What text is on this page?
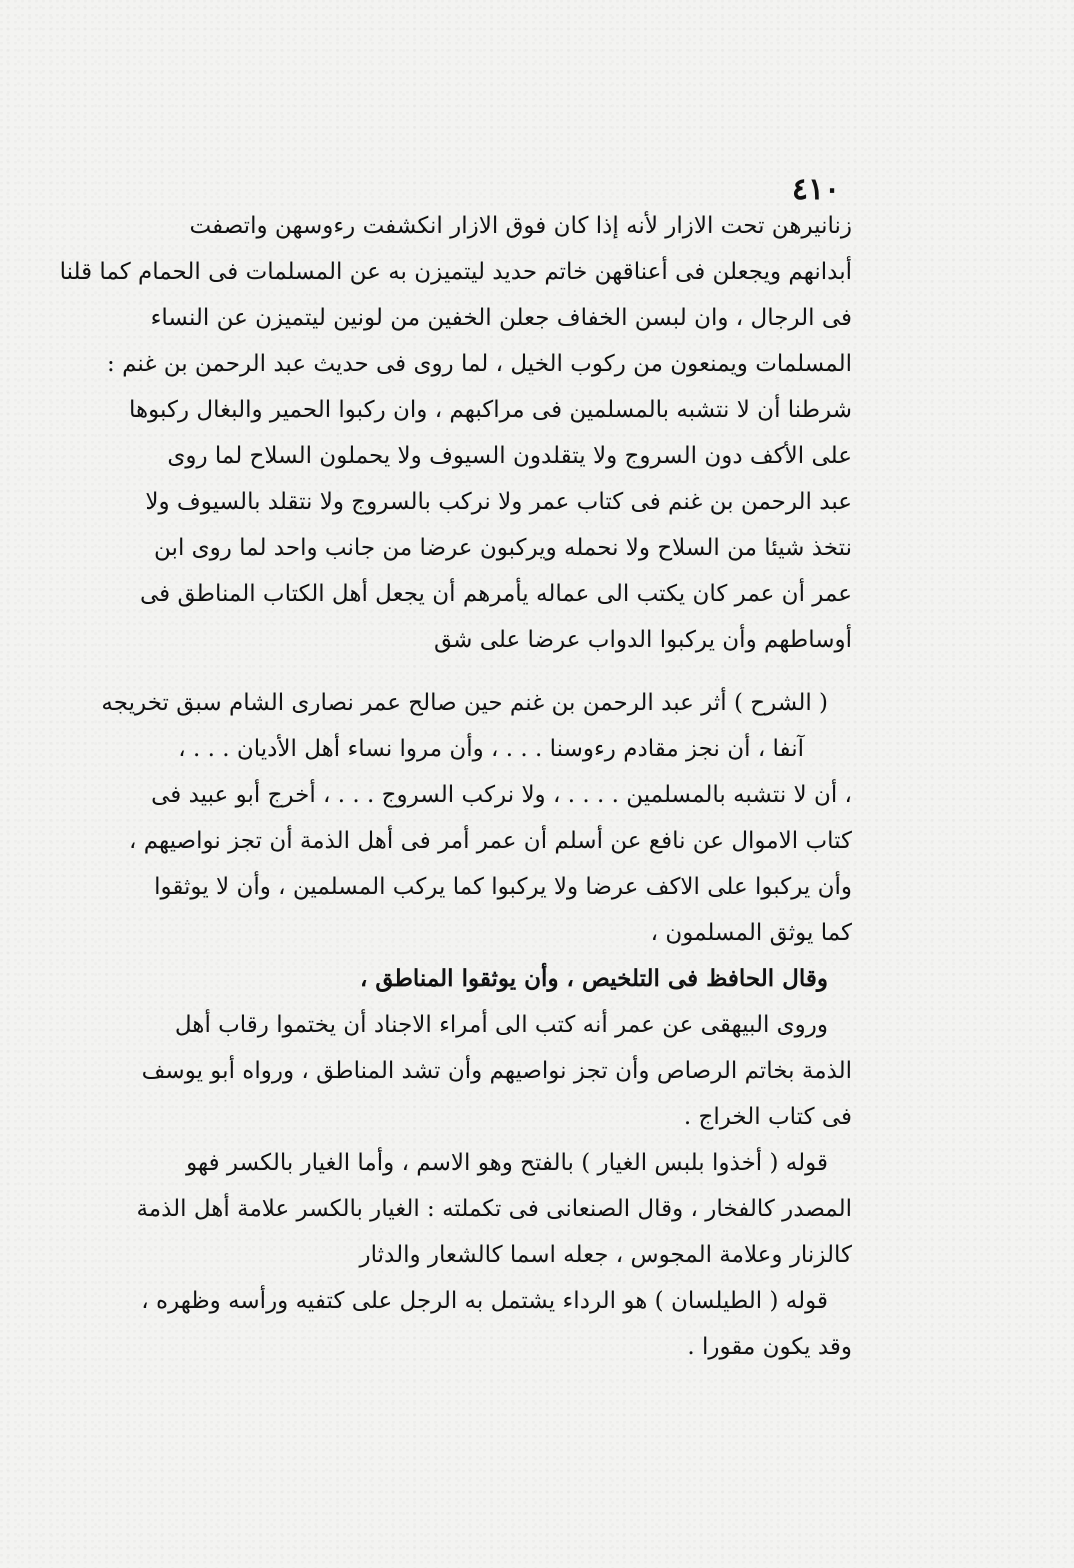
٤١٠
زنانيرهن تحت الازار لأنه إذا كان فوق الازار انكشفت رءوسهن واتصفت
أبدانهم ويجعلن فى أعناقهن خاتم حديد ليتميزن به عن المسلمات فى الحمام كما قلنا
فى الرجال ، وان لبسن الخفاف جعلن الخفين من لونين ليتميزن عن النساء
المسلمات ويمنعون من ركوب الخيل ، لما روى فى حديث عبد الرحمن بن غنم :
شرطنا أن لا نتشبه بالمسلمين فى مراكبهم ، وان ركبوا الحمير والبغال ركبوها
على الأكف دون السروج ولا يتقلدون السيوف ولا يحملون السلاح لما روى
عبد الرحمن بن غنم فى كتاب عمر ولا نركب بالسروج ولا نتقلد بالسيوف ولا
نتخذ شيئا من السلاح ولا نحمله ويركبون عرضا من جانب واحد لما روى ابن
عمر أن عمر كان يكتب الى عماله يأمرهم أن يجعل أهل الكتاب المناطق فى
أوساطهم وأن يركبوا الدواب عرضا على شق
( الشرح ) أثر عبد الرحمن بن غنم حين صالح عمر نصارى الشام سبق تخريجه
آنفا ، أن نجز مقادم رءوسنا . . . ، وأن مروا نساء أهل الأديان . . . ،
، أن لا نتشبه بالمسلمين . . . . ، ولا نركب السروج . . . ، أخرج أبو عبيد فى
كتاب الاموال عن نافع عن أسلم أن عمر أمر فى أهل الذمة أن تجز نواصيهم ،
وأن يركبوا على الاكف عرضا ولا يركبوا كما يركب المسلمين ، وأن لا يوثقوا
كما يوثق المسلمون ،
وقال الحافظ فى التلخيص ، وأن يوثقوا المناطق ،
وروى البيهقى عن عمر أنه كتب الى أمراء الاجناد أن يختموا رقاب أهل
الذمة بخاتم الرصاص وأن تجز نواصيهم وأن تشد المناطق ، ورواه أبو يوسف
فى كتاب الخراج .
قوله ( أخذوا بلبس الغيار ) بالفتح وهو الاسم ، وأما الغيار بالكسر فهو
المصدر كالفخار ، وقال الصنعانى فى تكملته : الغيار بالكسر علامة أهل الذمة
كالزنار وعلامة المجوس ، جعله اسما كالشعار والدثار
قوله ( الطيلسان ) هو الرداء يشتمل به الرجل على كتفيه ورأسه وظهره ،
وقد يكون مقورا .
